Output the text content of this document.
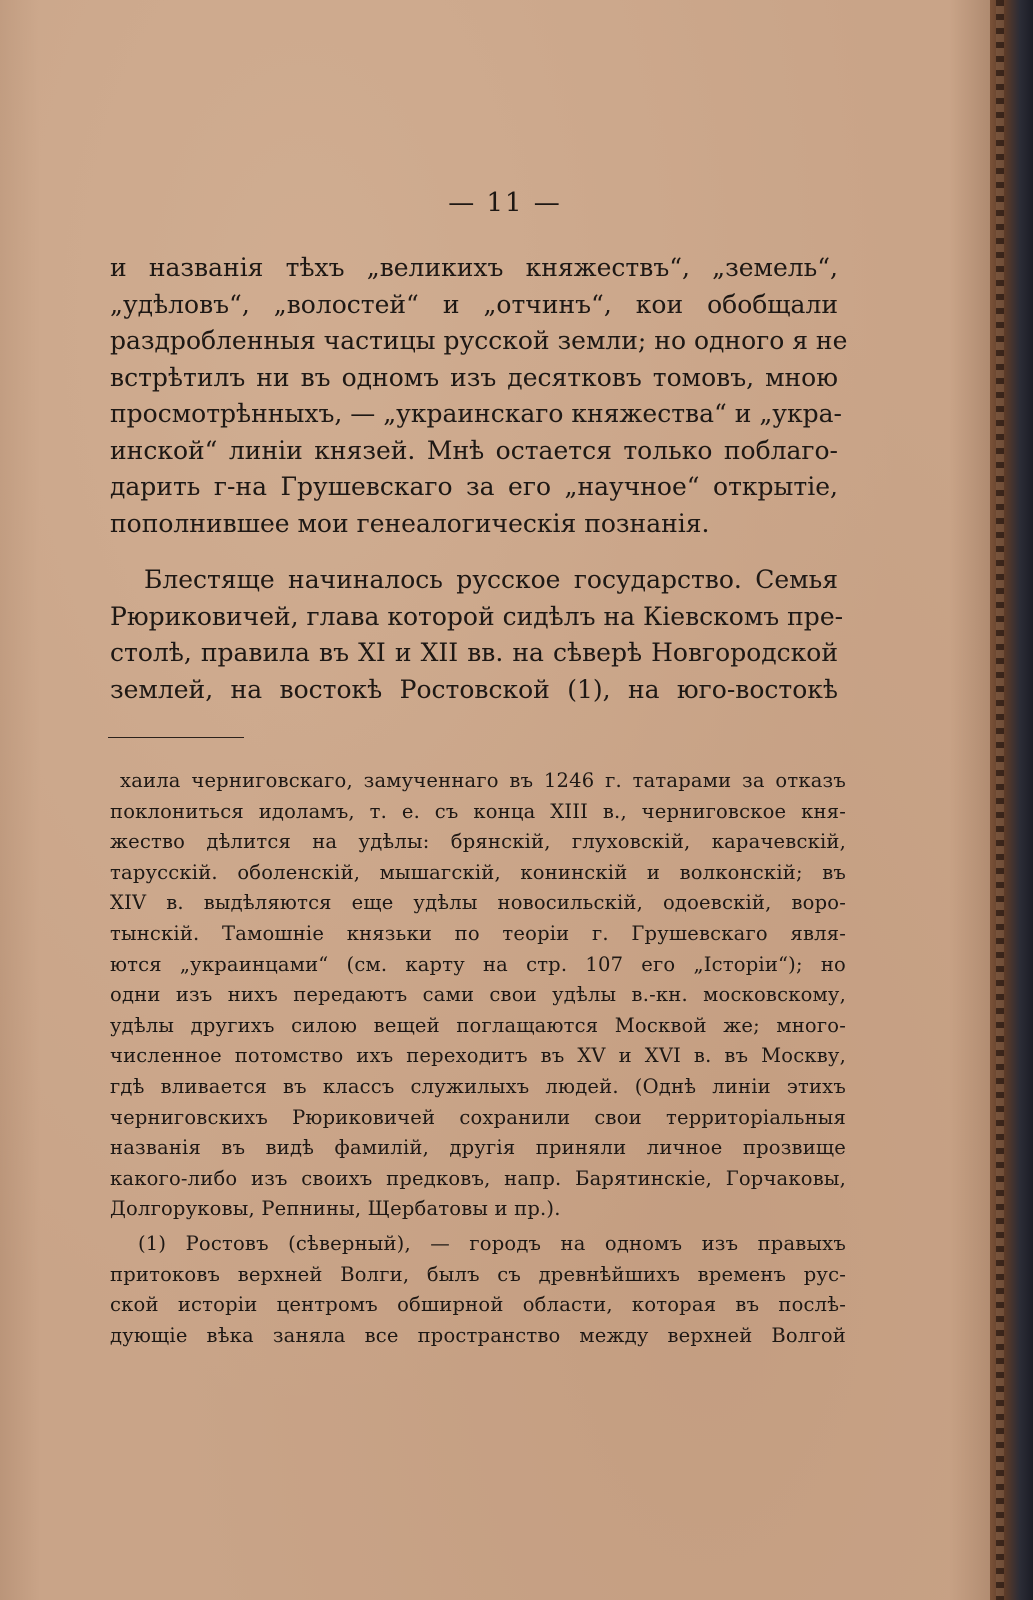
— 11 —
и названія тѣхъ „великихъ княжествъ“, „земель“,
„удѣловъ“, „волостей“ и „отчинъ“, кои обобщали
раздробленныя частицы русской земли; но одного я не
встрѣтилъ ни въ одномъ изъ десятковъ томовъ, мною
просмотрѣнныхъ, — „украинскаго княжества“ и „укра-
инской“ линіи князей. Мнѣ остается только поблаго-
дарить г-на Грушевскаго за его „научное“ открытіе,
пополнившее мои генеалогическія познанія.
Блестяще начиналось русское государство. Семья
Рюриковичей, глава которой сидѣлъ на Кіевскомъ пре-
столѣ, правила въ XI и XII вв. на сѣверѣ Новгородской
землей, на востокѣ Ростовской (1), на юго-востокѣ
хаила черниговскаго, замученнаго въ 1246 г. татарами за отказъ
поклониться идоламъ, т. е. съ конца XIII в., черниговское кня-
жество дѣлится на удѣлы: брянскій, глуховскій, карачевскій,
тарусскій. оболенскій, мышагскій, конинскій и волконскій; въ
XIV в. выдѣляются еще удѣлы новосильскій, одоевскій, воро-
тынскій. Тамошніе князьки по теоріи г. Грушевскаго явля-
ются „украинцами“ (см. карту на стр. 107 его „Історіи“); но
одни изъ нихъ передаютъ сами свои удѣлы в.-кн. московскому,
удѣлы другихъ силою вещей поглащаются Москвой же; много-
численное потомство ихъ переходитъ въ XV и XVI в. въ Москву,
гдѣ вливается въ классъ служилыхъ людей. (Однѣ линіи этихъ
черниговскихъ Рюриковичей сохранили свои территоріальныя
названія въ видѣ фамилій, другія приняли личное прозвище
какого-либо изъ своихъ предковъ, напр. Барятинскіе, Горчаковы,
Долгоруковы, Репнины, Щербатовы и пр.).
(1) Ростовъ (сѣверный), — городъ на одномъ изъ правыхъ
притоковъ верхней Волги, былъ съ древнѣйшихъ временъ рус-
ской исторіи центромъ обширной области, которая въ послѣ-
дующіе вѣка заняла все пространство между верхней Волгой
